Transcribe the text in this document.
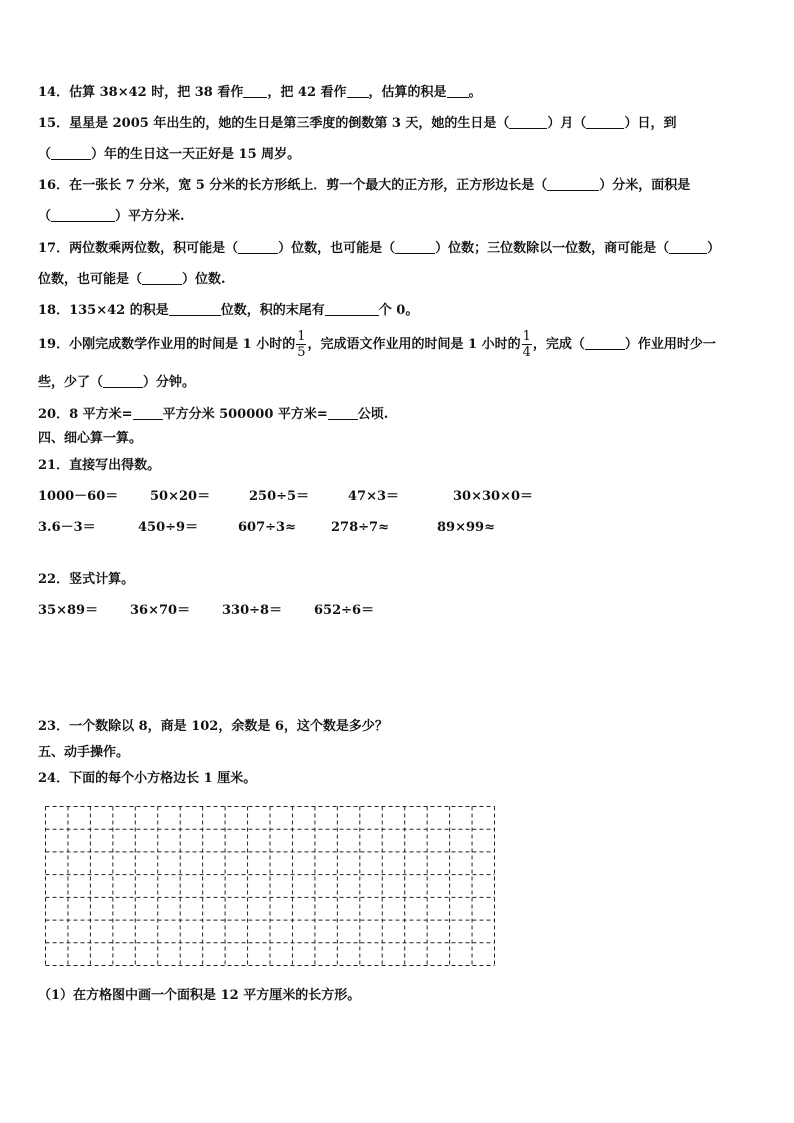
14．估算 38×42 时，把 38 看作 ，把 42 看作 ，估算的积是 。
15．星星是 2005 年出生的，她的生日是第三季度的倒数第 3 天，她的生日是（	）月（	）日，到
（	）年的生日这一天正好是 15 周岁。
16．在一张长 7 分米，宽 5 分米的长方形纸上．剪一个最大的正方形，正方形边长是（	）分米，面积是
（	）平方分米.
17．两位数乘两位数，积可能是（	）位数，也可能是（	）位数；三位数除以一位数，商可能是（	）
位数，也可能是（	）位数.
18．135×42 的积是	位数，积的末尾有	个 0。
19．小刚完成数学作业用的时间是 1 小时的 $\frac{1}{5}$ ，完成语文作业用的时间是 1 小时的 $\frac{1}{4}$ ，完成（	）作业用时少一
些，少了（	）分钟。
20．8 平方米= 平方分米 500000 平方米= 公顷.
四、细心算一算。
21．直接写出得数。
1000－60＝ 50×20＝	250÷5＝	47×3＝	30×30×0＝
3.6－3＝	450÷9＝	607÷3≈	278÷7≈	89×99≈
22．竖式计算。
35×89＝ 36×70＝ 330÷8＝ 652÷6＝
23．一个数除以 8，商是 102，余数是 6，这个数是多少？
五、动手操作。
24．下面的每个小方格边长 1 厘米。
（1）在方格图中画一个面积是 12 平方厘米的长方形。
